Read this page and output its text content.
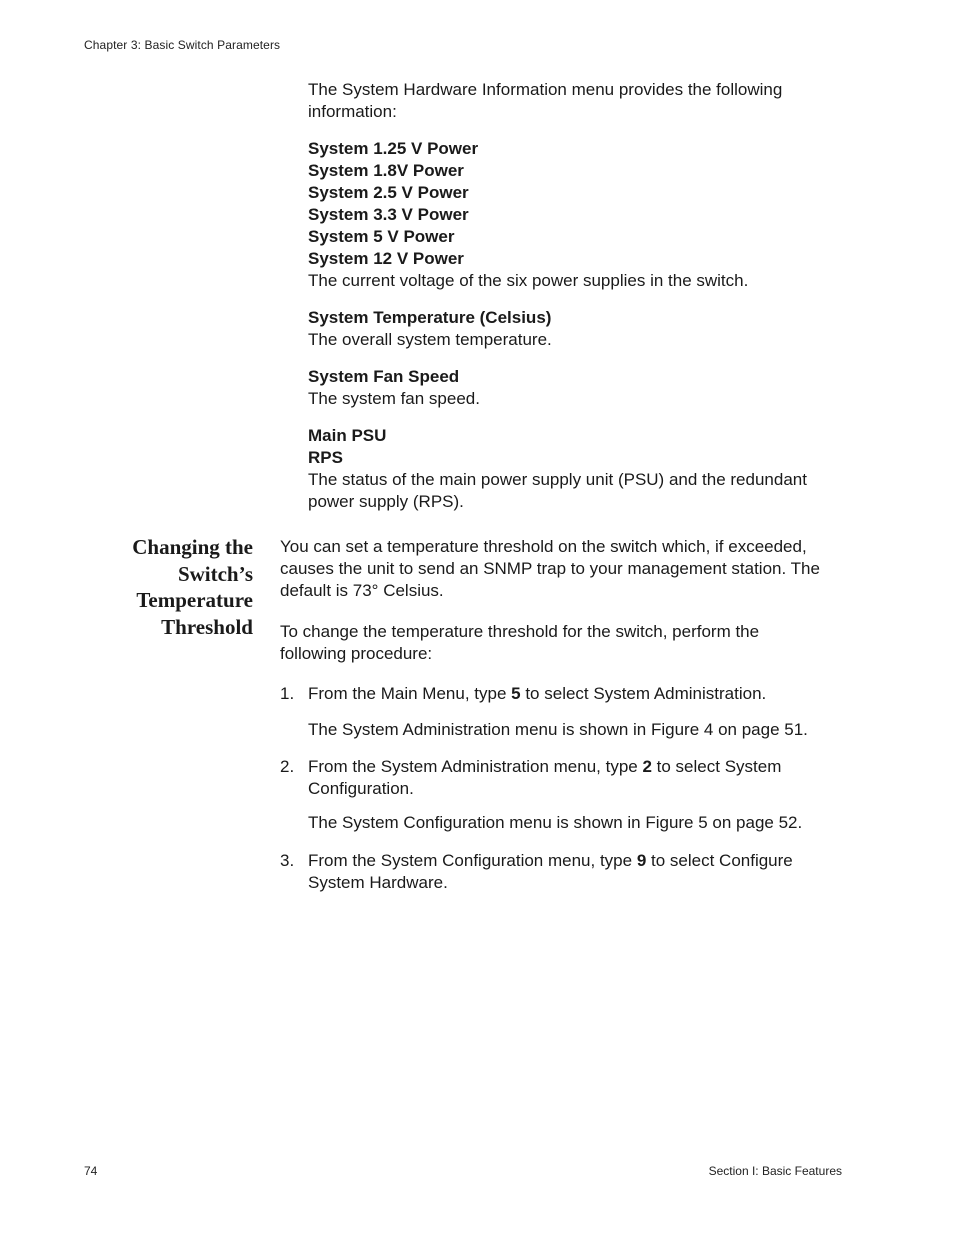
Chapter 3: Basic Switch Parameters

The System Hardware Information menu provides the following information:

System 1.25 V Power

System 1.8V Power

System 2.5 V Power

System 3.3 V Power

System 5 V Power

System 12 V Power

The current voltage of the six power supplies in the switch.

System Temperature (Celsius)

The overall system temperature.

System Fan Speed

The system fan speed.

Main PSU

RPS

The status of the main power supply unit (PSU) and the redundant

power supply (RPS).

Changing the
Switch’s
Temperature
Threshold

You can set a temperature threshold on the switch which, if exceeded,

causes the unit to send an SNMP trap to your management station. The

default is 73° Celsius.

To change the temperature threshold for the switch, perform the

following procedure:

1. From the Main Menu, type 5 to select System Administration.
The System Administration menu is shown in Figure 4 on page 51.
2. From the System Administration menu, type 2 to select System
Configuration.
The System Configuration menu is shown in Figure 5 on page 52.
3. From the System Configuration menu, type 9 to select Configure
System Hardware.
74	Section I: Basic Features
